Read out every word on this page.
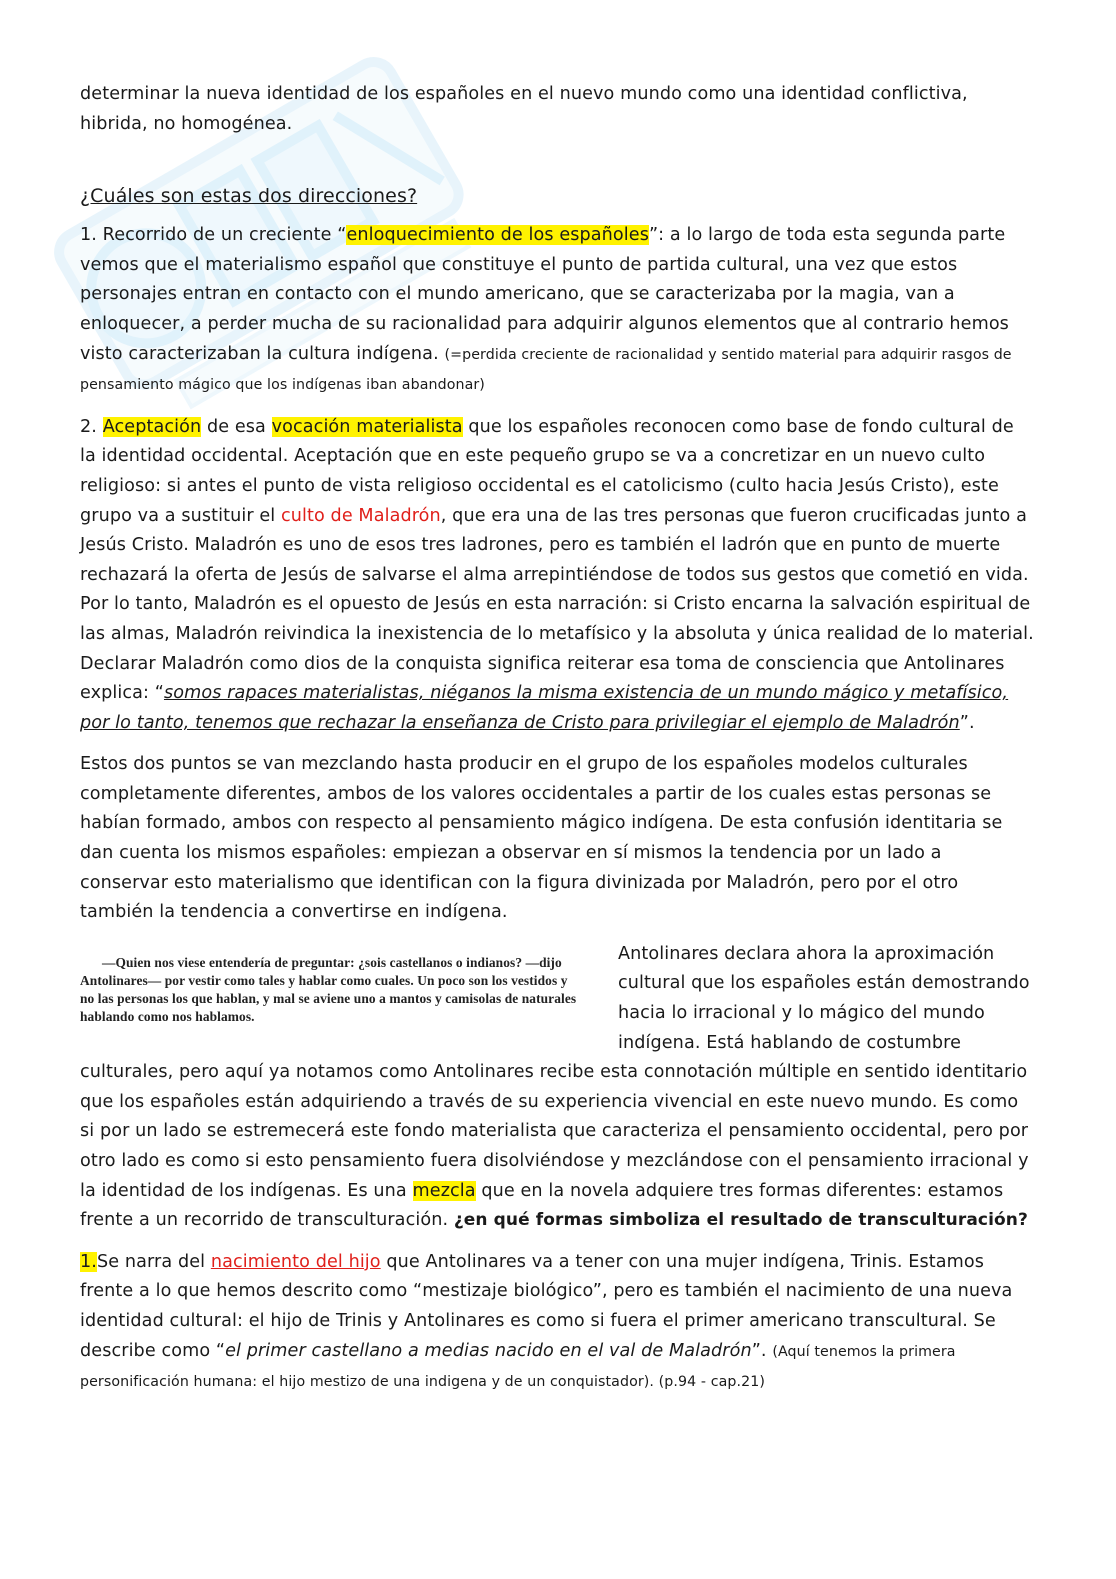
determinar la nueva identidad de los españoles en el nuevo mundo como una identidad conflictiva, hibrida, no homogénea.

¿Cuáles son estas dos direcciones?

1. Recorrido de un creciente “enloquecimiento de los españoles”: a lo largo de toda esta segunda parte vemos que el materialismo español que constituye el punto de partida cultural, una vez que estos personajes entran en contacto con el mundo americano, que se caracterizaba por la magia, van a enloquecer, a perder mucha de su racionalidad para adquirir algunos elementos que al contrario hemos visto caracterizaban la cultura indígena. (=perdida creciente de racionalidad y sentido material para adquirir rasgos de pensamiento mágico que los indígenas iban abandonar)

2. Aceptación de esa vocación materialista que los españoles reconocen como base de fondo cultural de la identidad occidental. Aceptación que en este pequeño grupo se va a concretizar en un nuevo culto religioso: si antes el punto de vista religioso occidental es el catolicismo (culto hacia Jesús Cristo), este grupo va a sustituir el culto de Maladrón, que era una de las tres personas que fueron crucificadas junto a Jesús Cristo. Maladrón es uno de esos tres ladrones, pero es también el ladrón que en punto de muerte rechazará la oferta de Jesús de salvarse el alma arrepintiéndose de todos sus gestos que cometió en vida. Por lo tanto, Maladrón es el opuesto de Jesús en esta narración: si Cristo encarna la salvación espiritual de las almas, Maladrón reivindica la inexistencia de lo metafísico y la absoluta y única realidad de lo material. Declarar Maladrón como dios de la conquista significa reiterar esa toma de consciencia que Antolinares explica: “somos rapaces materialistas, niéganos la misma existencia de un mundo mágico y metafísico, por lo tanto, tenemos que rechazar la enseñanza de Cristo para privilegiar el ejemplo de Maladrón”.

Estos dos puntos se van mezclando hasta producir en el grupo de los españoles modelos culturales completamente diferentes, ambos de los valores occidentales a partir de los cuales estas personas se habían formado, ambos con respecto al pensamiento mágico indígena. De esta confusión identitaria se dan cuenta los mismos españoles: empiezan a observar en sí mismos la tendencia por un lado a conservar esto materialismo que identifican con la figura divinizada por Maladrón, pero por el otro también la tendencia a convertirse en indígena.

—Quien nos viese entendería de preguntar: ¿sois castellanos o indianos? —dijo
Antolinares— por vestir como tales y hablar como cuales. Un poco son los vestidos y
no las personas los que hablan, y mal se aviene uno a mantos y camisolas de naturales
hablando como nos hablamos.

Antolinares declara ahora la aproximación cultural que los españoles están demostrando hacia lo irracional y lo mágico del mundo indígena. Está hablando de costumbre culturales, pero aquí ya notamos como Antolinares recibe esta connotación múltiple en sentido identitario que los españoles están adquiriendo a través de su experiencia vivencial en este nuevo mundo. Es como si por un lado se estremecerá este fondo materialista que caracteriza el pensamiento occidental, pero por otro lado es como si esto pensamiento fuera disolviéndose y mezclándose con el pensamiento irracional y la identidad de los indígenas. Es una mezcla que en la novela adquiere tres formas diferentes: estamos frente a un recorrido de transculturación. ¿en qué formas simboliza el resultado de transculturación?

1.Se narra del nacimiento del hijo que Antolinares va a tener con una mujer indígena, Trinis. Estamos frente a lo que hemos descrito como “mestizaje biológico”, pero es también el nacimiento de una nueva identidad cultural: el hijo de Trinis y Antolinares es como si fuera el primer americano transcultural. Se describe como “el primer castellano a medias nacido en el val de Maladrón”. (Aquí tenemos la primera personificación humana: el hijo mestizo de una indigena y de un conquistador). (p.94 - cap.21)
